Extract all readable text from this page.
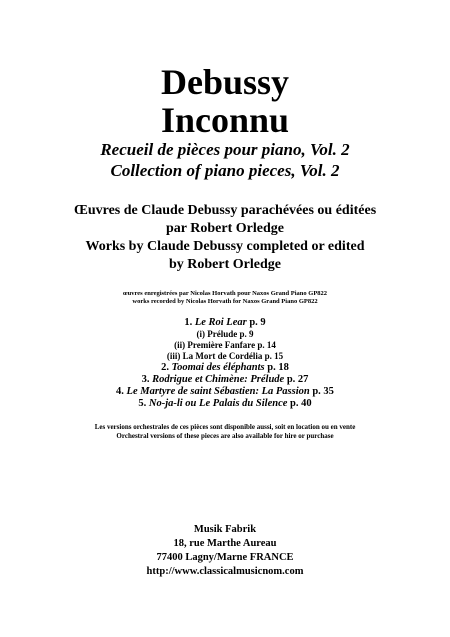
Debussy
Inconnu
Recueil de pièces pour piano, Vol. 2
Collection of piano pieces, Vol. 2
Œuvres de Claude Debussy parachévées ou éditées
par Robert Orledge
Works by Claude Debussy completed or edited
by Robert Orledge
œuvres enregistrées par Nicolas Horvath pour Naxos Grand Piano GP822
works recorded by Nicolas Horvath for Naxos Grand Piano GP822
1. Le Roi Lear p. 9
(i) Prélude p. 9
(ii) Première Fanfare p. 14
(iii) La Mort de Cordélia p. 15
2. Toomai des éléphants p. 18
3. Rodrigue et Chimène: Prélude p. 27
4. Le Martyre de saint Sébastien: La Passion p. 35
5. No-ja-li ou Le Palais du Silence p. 40
Les versions orchestrales de ces pièces sont disponible aussi, soit en location ou en vente
Orchestral versions of these pieces are also available for hire or purchase
Musik Fabrik
18, rue Marthe Aureau
77400 Lagny/Marne FRANCE
http://www.classicalmusicnom.com
